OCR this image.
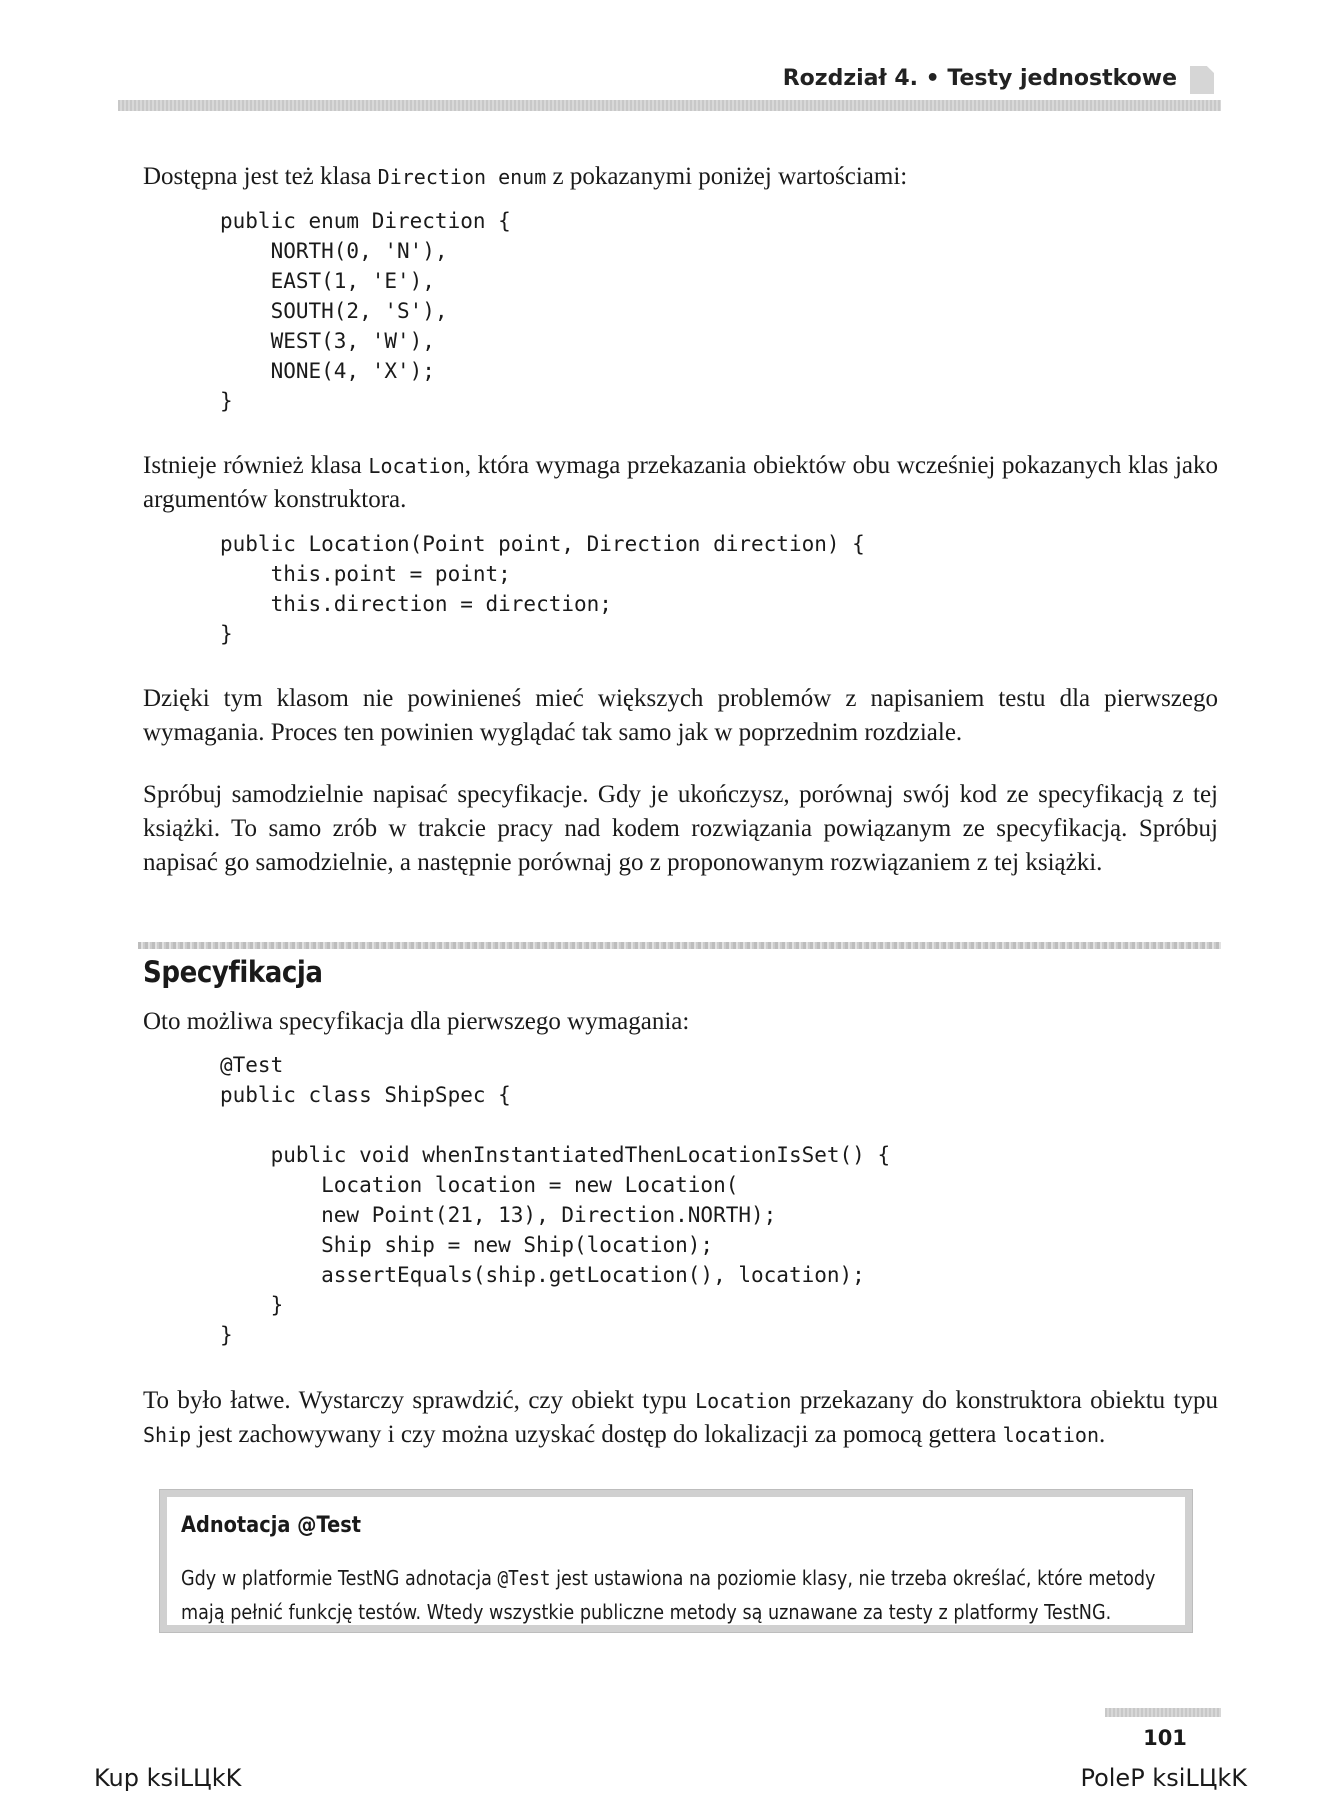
Rozdział 4. • Testy jednostkowe

Dostępna jest też klasa Direction enum z pokazanymi poniżej wartościami:

public enum Direction {
NORTH(0, 'N'),
EAST(1, 'E'),
SOUTH(2, 'S'),
WEST(3, 'W'),
NONE(4, 'X');
}

Istnieje również klasa Location, która wymaga przekazania obiektów obu wcześniej pokazanych klas jako argumentów konstruktora.

public Location(Point point, Direction direction) {
this.point = point;
this.direction = direction;
}

Dzięki tym klasom nie powinieneś mieć większych problemów z napisaniem testu dla pierwszego wymagania. Proces ten powinien wyglądać tak samo jak w poprzednim rozdziale.

Spróbuj samodzielnie napisać specyfikacje. Gdy je ukończysz, porównaj swój kod ze specyfikacją z tej książki. To samo zrób w trakcie pracy nad kodem rozwiązania powiązanym ze specyfikacją. Spróbuj napisać go samodzielnie, a następnie porównaj go z proponowanym rozwiązaniem z tej książki.

Specyfikacja

Oto możliwa specyfikacja dla pierwszego wymagania:

@Test
public class ShipSpec {

public void whenInstantiatedThenLocationIsSet() {
Location location = new Location(
new Point(21, 13), Direction.NORTH);
Ship ship = new Ship(location);
assertEquals(ship.getLocation(), location);
}
}

To było łatwe. Wystarczy sprawdzić, czy obiekt typu Location przekazany do konstruktora obiektu typu Ship jest zachowywany i czy można uzyskać dostęp do lokalizacji za pomocą gettera location.

Adnotacja @Test

Gdy w platformie TestNG adnotacja @Test jest ustawiona na poziomie klasy, nie trzeba określać, które metody mają pełnić funkcję testów. Wtedy wszystkie publiczne metody są uznawane za testy z platformy TestNG.

101
Kup ksiLЦkK	PoleP ksiLЦkK
